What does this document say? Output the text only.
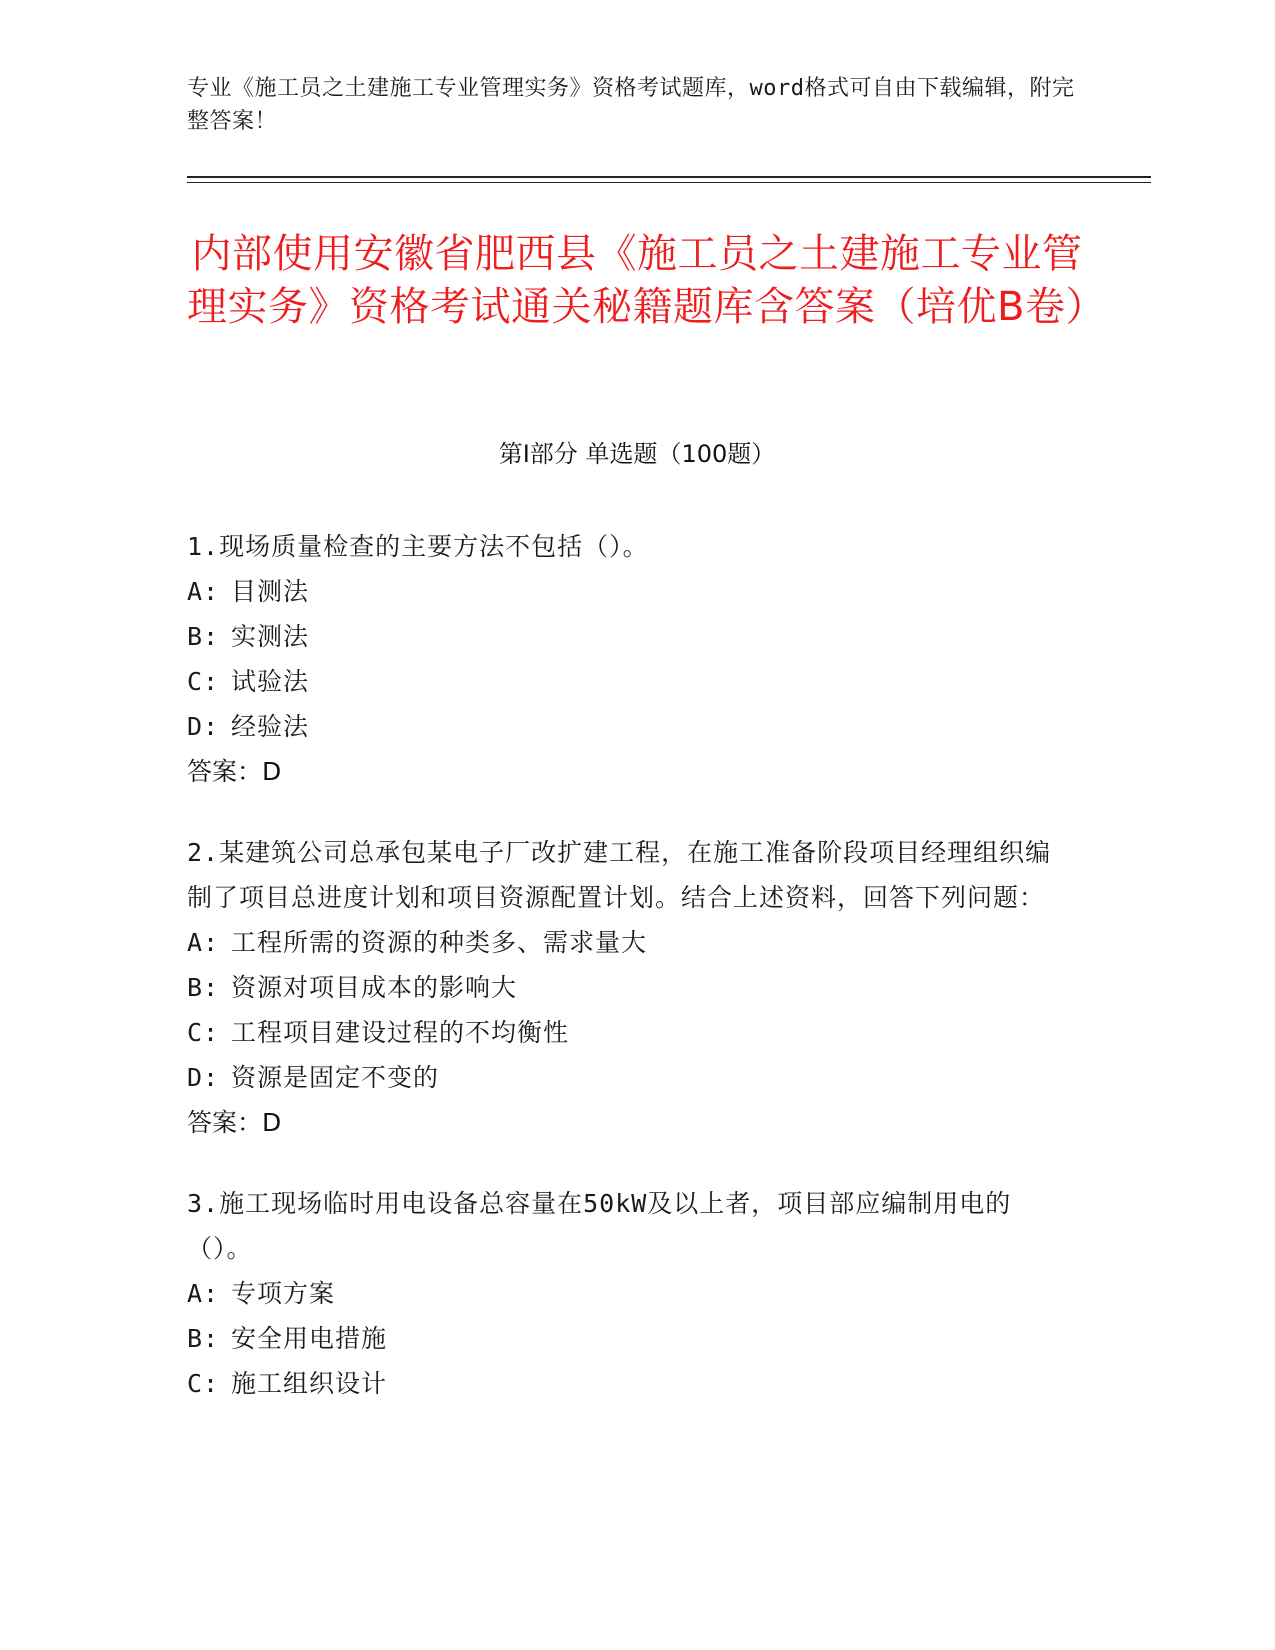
专业《施工员之土建施工专业管理实务》资格考试题库，word格式可自由下载编辑，附完整答案！
内部使用安徽省肥西县《施工员之土建施工专业管理实务》资格考试通关秘籍题库含答案（培优B卷）
第I部分 单选题（100题）
1.现场质量检查的主要方法不包括（）。
A: 目测法
B: 实测法
C: 试验法
D: 经验法
答案：D
2.某建筑公司总承包某电子厂改扩建工程，在施工准备阶段项目经理组织编制了项目总进度计划和项目资源配置计划。结合上述资料，回答下列问题：
A: 工程所需的资源的种类多、需求量大
B: 资源对项目成本的影响大
C: 工程项目建设过程的不均衡性
D: 资源是固定不变的
答案：D
3.施工现场临时用电设备总容量在50kW及以上者，项目部应编制用电的（）。
A: 专项方案
B: 安全用电措施
C: 施工组织设计
